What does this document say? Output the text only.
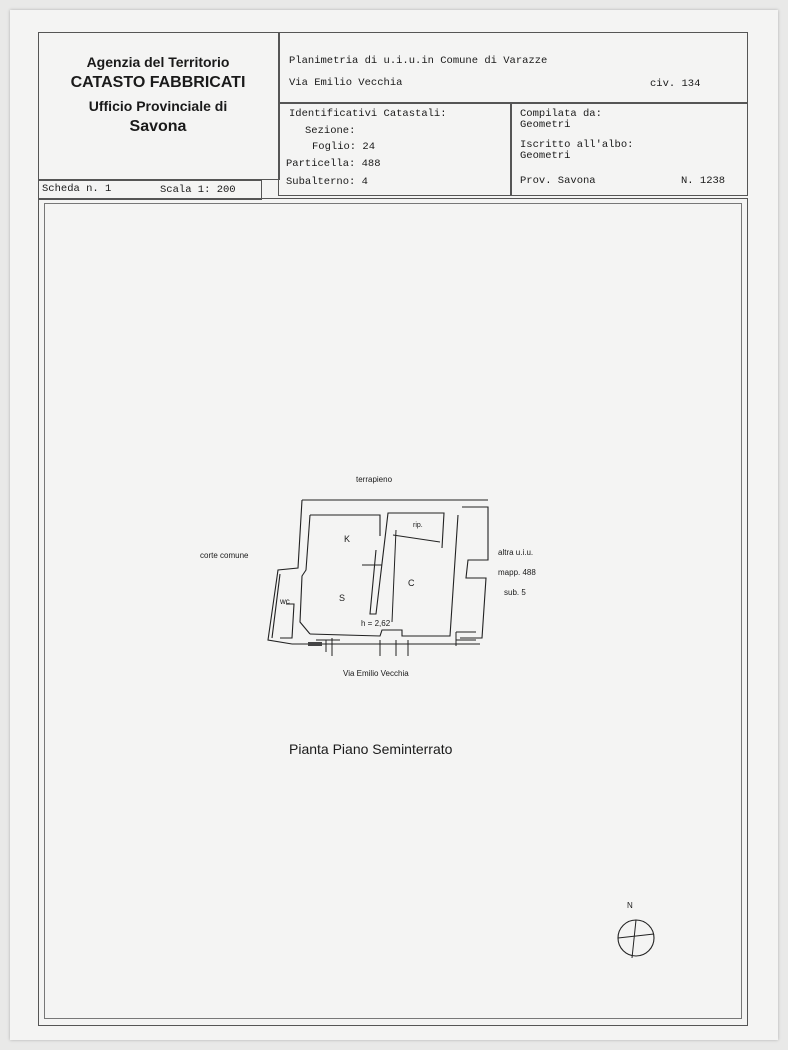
Agenzia del Territorio
CATASTO FABBRICATI
Ufficio Provinciale di
Savona
Scheda n. 1	Scala 1: 200
Planimetria di u.i.u.in Comune di Varazze
Via Emilio Vecchia	civ. 134
Identificativi Catastali:
Sezione:
Foglio: 24
Particella: 488
Subalterno: 4
Compilata da:
Geometri
Iscritto all'albo:
Geometri
Prov. Savona	N. 1238
terrapieno
corte comune	altra u.i.u.
mapp. 488
sub. 5
Via Emilio Vecchia
K
rip.
C
S
wc
h = 2,62
Pianta Piano Seminterrato
N
